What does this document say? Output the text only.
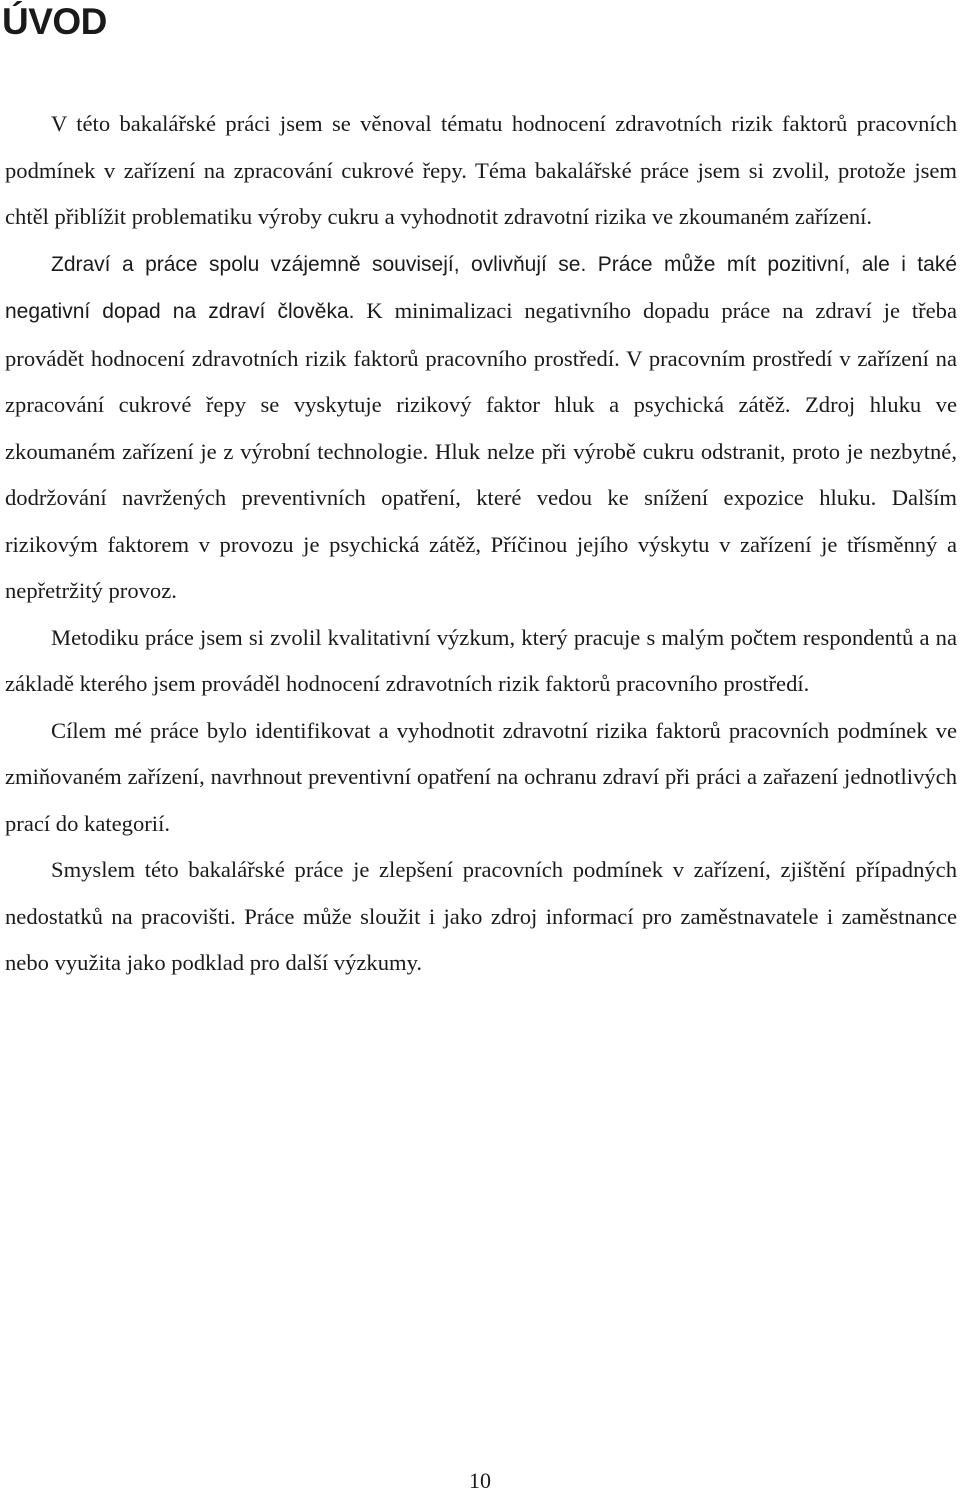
ÚVOD

V této bakalářské práci jsem se věnoval tématu hodnocení zdravotních rizik faktorů pracovních podmínek v zařízení na zpracování cukrové řepy. Téma bakalářské práce jsem si zvolil, protože jsem chtěl přiblížit problematiku výroby cukru a vyhodnotit zdravotní rizika ve zkoumaném zařízení.

Zdraví a práce spolu vzájemně souvisejí, ovlivňují se. Práce může mít pozitivní, ale i také negativní dopad na zdraví člověka. K minimalizaci negativního dopadu práce na zdraví je třeba provádět hodnocení zdravotních rizik faktorů pracovního prostředí. V pracovním prostředí v zařízení na zpracování cukrové řepy se vyskytuje rizikový faktor hluk a psychická zátěž. Zdroj hluku ve zkoumaném zařízení je z výrobní technologie. Hluk nelze při výrobě cukru odstranit, proto je nezbytné, dodržování navržených preventivních opatření, které vedou ke snížení expozice hluku. Dalším rizikovým faktorem v provozu je psychická zátěž, Příčinou jejího výskytu v zařízení je třísměnný a nepřetržitý provoz.

Metodiku práce jsem si zvolil kvalitativní výzkum, který pracuje s malým počtem respondentů a na základě kterého jsem prováděl hodnocení zdravotních rizik faktorů pracovního prostředí.

Cílem mé práce bylo identifikovat a vyhodnotit zdravotní rizika faktorů pracovních podmínek ve zmiňovaném zařízení, navrhnout preventivní opatření na ochranu zdraví při práci a zařazení jednotlivých prací do kategorií.

Smyslem této bakalářské práce je zlepšení pracovních podmínek v zařízení, zjištění případných nedostatků na pracovišti. Práce může sloužit i jako zdroj informací pro zaměstnavatele i zaměstnance nebo využita jako podklad pro další výzkumy.

10
